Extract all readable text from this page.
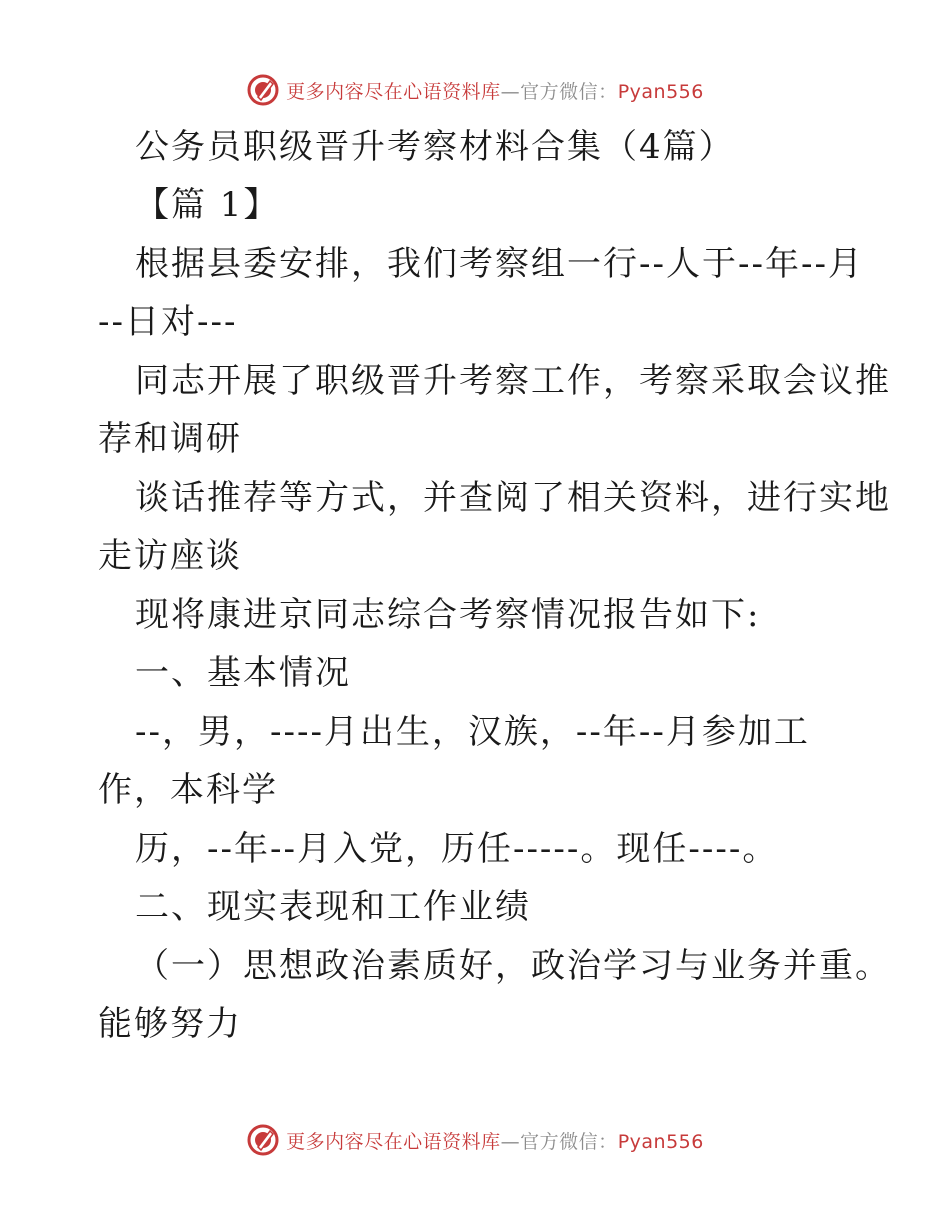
更多内容尽在心语资料库—官方微信：Pyan556
公务员职级晋升考察材料合集（4篇）
【篇 1】
根据县委安排，我们考察组一行--人于--年--月
--日对---
同志开展了职级晋升考察工作，考察采取会议推
荐和调研
谈话推荐等方式，并查阅了相关资料，进行实地
走访座谈
现将康进京同志综合考察情况报告如下:
一、基本情况
--，男，----月出生，汉族，--年--月参加工
作，本科学
历，--年--月入党，历任-----。现任----。
二、现实表现和工作业绩
（一）思想政治素质好，政治学习与业务并重。
能够努力
更多内容尽在心语资料库—官方微信：Pyan556
